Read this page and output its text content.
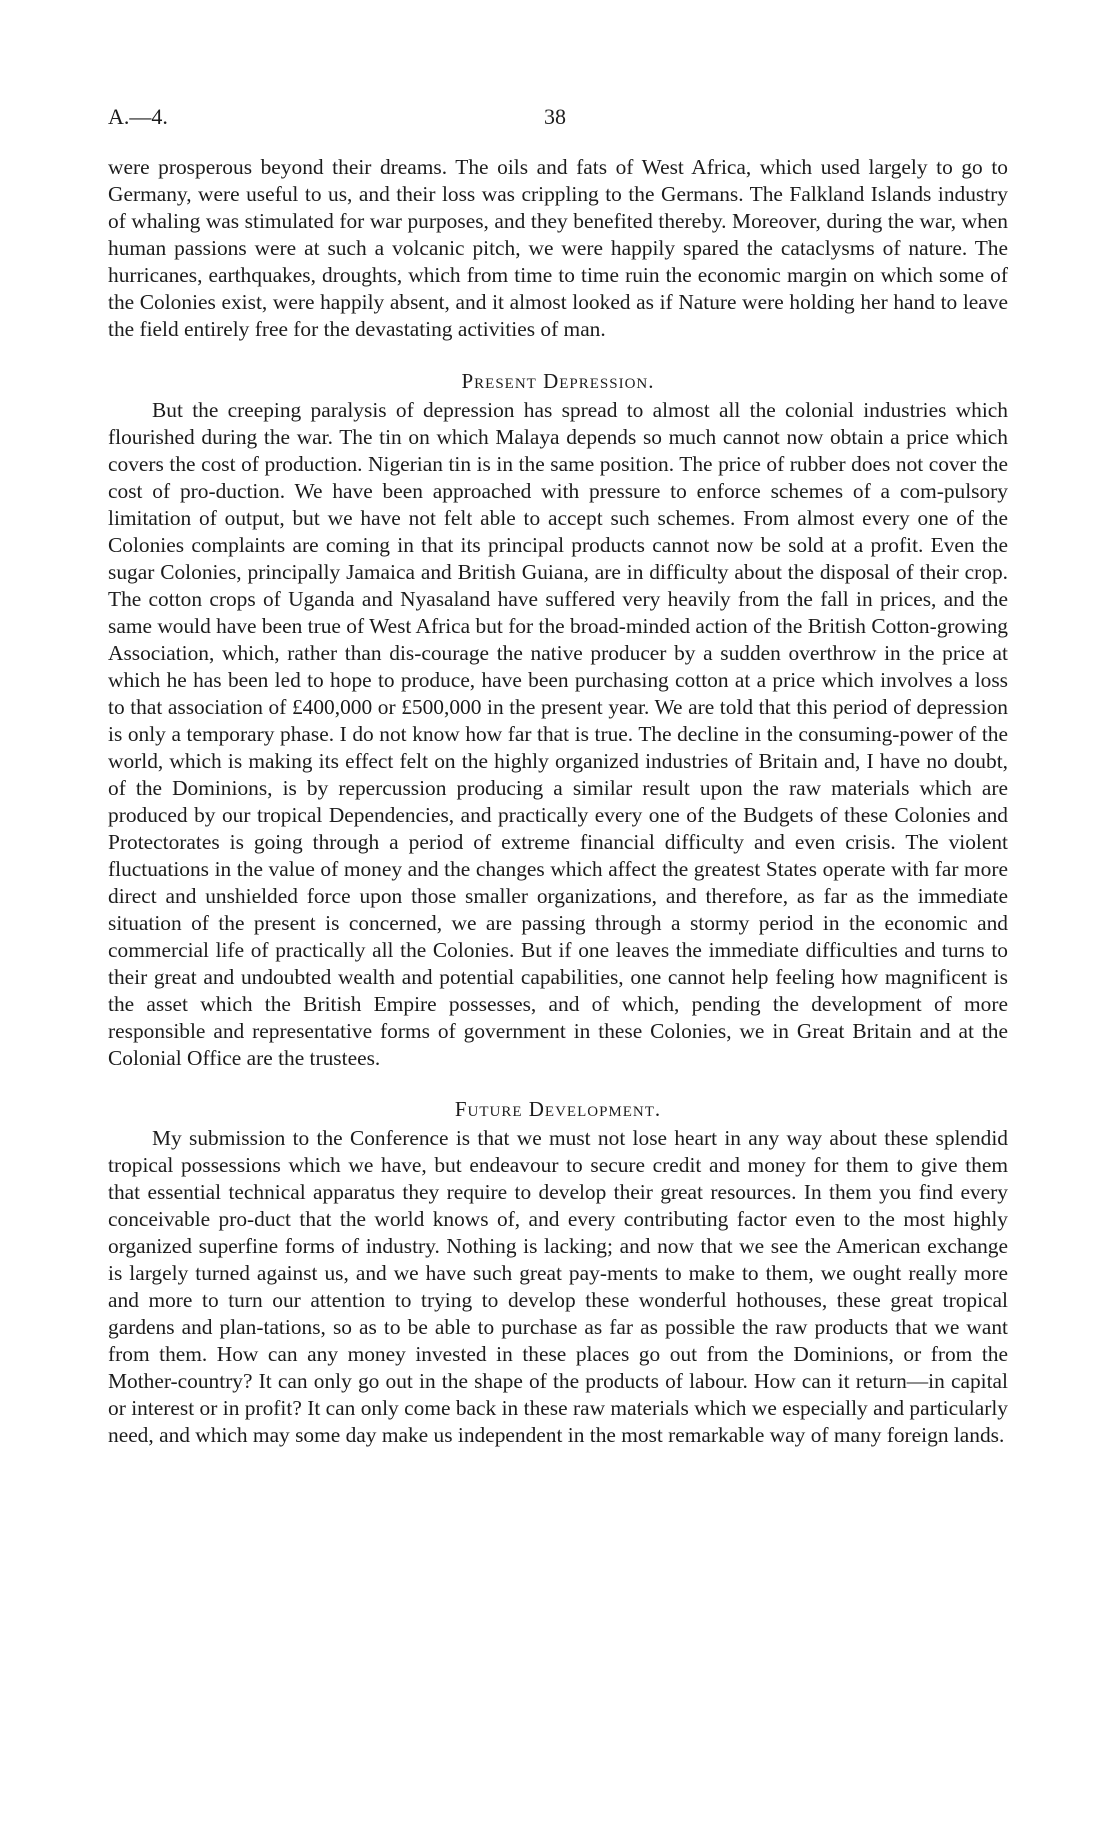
A.—4.	38

were prosperous beyond their dreams. The oils and fats of West Africa, which used largely to go to Germany, were useful to us, and their loss was crippling to the Germans. The Falkland Islands industry of whaling was stimulated for war purposes, and they benefited thereby. Moreover, during the war, when human passions were at such a volcanic pitch, we were happily spared the cataclysms of nature. The hurricanes, earthquakes, droughts, which from time to time ruin the economic margin on which some of the Colonies exist, were happily absent, and it almost looked as if Nature were holding her hand to leave the field entirely free for the devastating activities of man.

Present Depression.

But the creeping paralysis of depression has spread to almost all the colonial industries which flourished during the war. The tin on which Malaya depends so much cannot now obtain a price which covers the cost of production. Nigerian tin is in the same position. The price of rubber does not cover the cost of pro-duction. We have been approached with pressure to enforce schemes of a com-pulsory limitation of output, but we have not felt able to accept such schemes. From almost every one of the Colonies complaints are coming in that its principal products cannot now be sold at a profit. Even the sugar Colonies, principally Jamaica and British Guiana, are in difficulty about the disposal of their crop. The cotton crops of Uganda and Nyasaland have suffered very heavily from the fall in prices, and the same would have been true of West Africa but for the broad-minded action of the British Cotton-growing Association, which, rather than dis-courage the native producer by a sudden overthrow in the price at which he has been led to hope to produce, have been purchasing cotton at a price which involves a loss to that association of £400,000 or £500,000 in the present year. We are told that this period of depression is only a temporary phase. I do not know how far that is true. The decline in the consuming-power of the world, which is making its effect felt on the highly organized industries of Britain and, I have no doubt, of the Dominions, is by repercussion producing a similar result upon the raw materials which are produced by our tropical Dependencies, and practically every one of the Budgets of these Colonies and Protectorates is going through a period of extreme financial difficulty and even crisis. The violent fluctuations in the value of money and the changes which affect the greatest States operate with far more direct and unshielded force upon those smaller organizations, and therefore, as far as the immediate situation of the present is concerned, we are passing through a stormy period in the economic and commercial life of practically all the Colonies. But if one leaves the immediate difficulties and turns to their great and undoubted wealth and potential capabilities, one cannot help feeling how magnificent is the asset which the British Empire possesses, and of which, pending the development of more responsible and representative forms of government in these Colonies, we in Great Britain and at the Colonial Office are the trustees.

Future Development.

My submission to the Conference is that we must not lose heart in any way about these splendid tropical possessions which we have, but endeavour to secure credit and money for them to give them that essential technical apparatus they require to develop their great resources. In them you find every conceivable pro-duct that the world knows of, and every contributing factor even to the most highly organized superfine forms of industry. Nothing is lacking; and now that we see the American exchange is largely turned against us, and we have such great pay-ments to make to them, we ought really more and more to turn our attention to trying to develop these wonderful hothouses, these great tropical gardens and plan-tations, so as to be able to purchase as far as possible the raw products that we want from them. How can any money invested in these places go out from the Dominions, or from the Mother-country? It can only go out in the shape of the products of labour. How can it return—in capital or interest or in profit? It can only come back in these raw materials which we especially and particularly need, and which may some day make us independent in the most remarkable way of many foreign lands.
